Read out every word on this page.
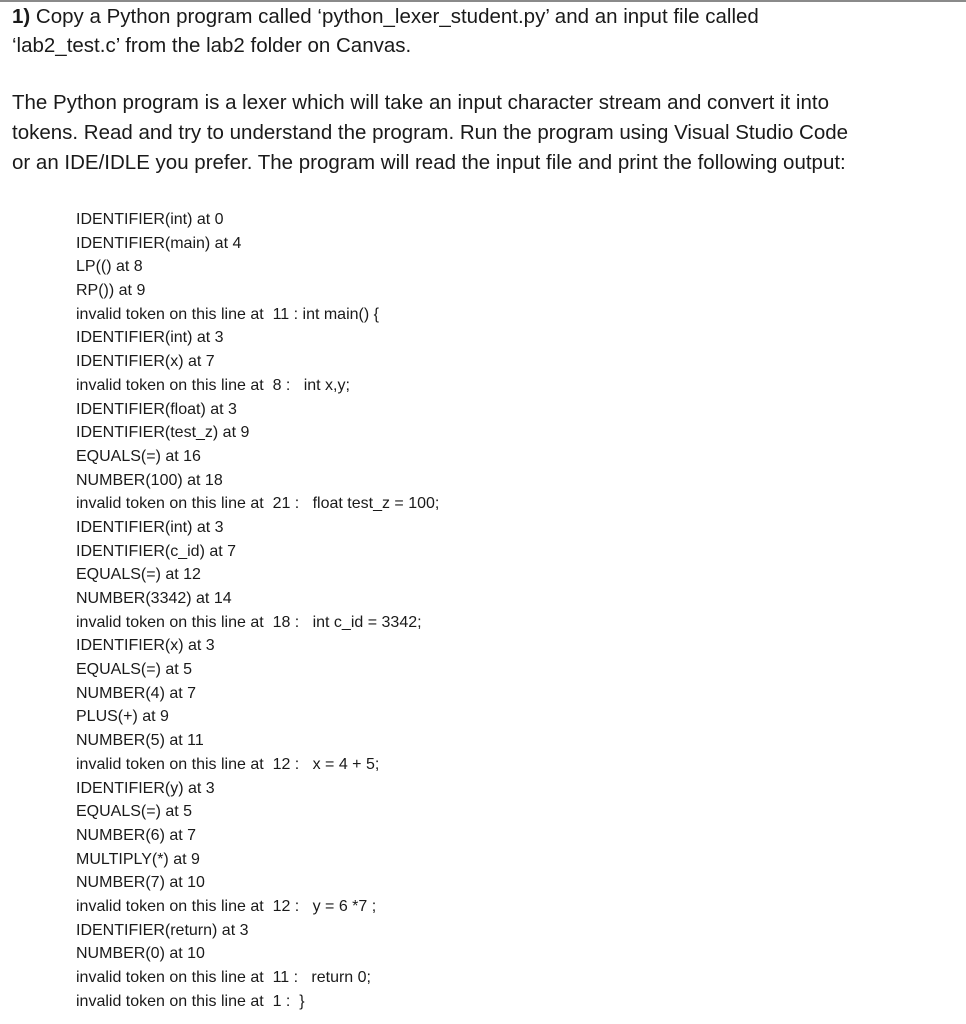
1) Copy a Python program called ‘python_lexer_student.py’ and an input file called
‘lab2_test.c’ from the lab2 folder on Canvas.

The Python program is a lexer which will take an input character stream and convert it into
tokens. Read and try to understand the program. Run the program using Visual Studio Code
or an IDE/IDLE you prefer. The program will read the input file and print the following output:

IDENTIFIER(int) at 0
IDENTIFIER(main) at 4
LP(() at 8
RP()) at 9
invalid token on this line at  11 : int main() {
IDENTIFIER(int) at 3
IDENTIFIER(x) at 7
invalid token on this line at  8 :   int x,y;
IDENTIFIER(float) at 3
IDENTIFIER(test_z) at 9
EQUALS(=) at 16
NUMBER(100) at 18
invalid token on this line at  21 :   float test_z = 100;
IDENTIFIER(int) at 3
IDENTIFIER(c_id) at 7
EQUALS(=) at 12
NUMBER(3342) at 14
invalid token on this line at  18 :   int c_id = 3342;
IDENTIFIER(x) at 3
EQUALS(=) at 5
NUMBER(4) at 7
PLUS(+) at 9
NUMBER(5) at 11
invalid token on this line at  12 :   x = 4 + 5;
IDENTIFIER(y) at 3
EQUALS(=) at 5
NUMBER(6) at 7
MULTIPLY(*) at 9
NUMBER(7) at 10
invalid token on this line at  12 :   y = 6 *7 ;
IDENTIFIER(return) at 3
NUMBER(0) at 10
invalid token on this line at  11 :   return 0;
invalid token on this line at  1 :  }
